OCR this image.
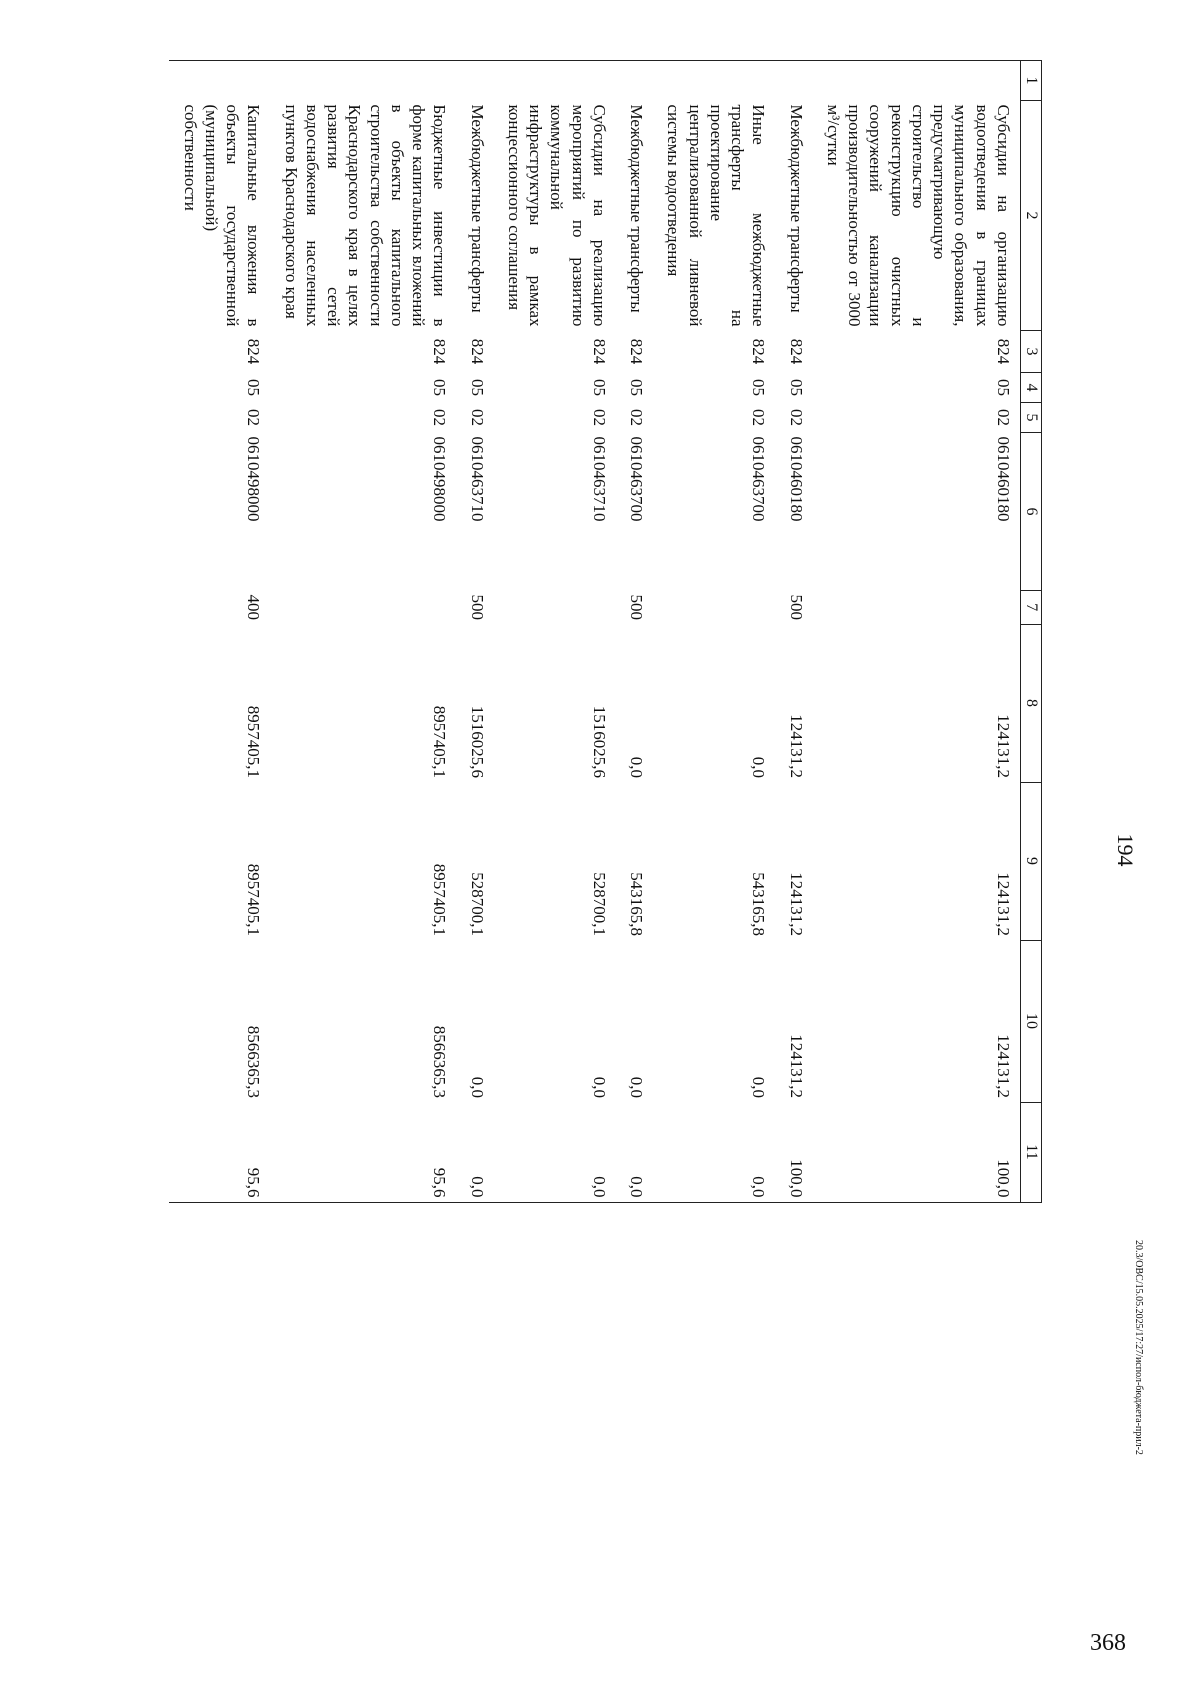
194
1	2	3	4	5	6	7	8	9	10	11
	Субсидии на организацию водоотведения в границах муниципального образования, предусматривающую строительство и реконструкцию очистных сооружений канализации производительностью от 3000 м³/сутки	824	05	02	0610460180		124131,2	124131,2	124131,2	100,0
	Межбюджетные трансферты	824	05	02	0610460180	500	124131,2	124131,2	124131,2	100,0
	Иные межбюджетные трансферты на проектирование централизованной ливневой системы водоотведения	824	05	02	0610463700		0,0	543165,8	0,0	0,0
	Межбюджетные трансферты	824	05	02	0610463700	500	0,0	543165,8	0,0	0,0
	Субсидии на реализацию мероприятий по развитию коммунальной инфраструктуры в рамках концессионного соглашения	824	05	02	0610463710		1516025,6	528700,1	0,0	0,0
	Межбюджетные трансферты	824	05	02	0610463710	500	1516025,6	528700,1	0,0	0,0
	Бюджетные инвестиции в форме капитальных вложений в объекты капитального строительства собственности Краснодарского края в целях развития сетей водоснабжения населенных пунктов Краснодарского края	824	05	02	0610498000		8957405,1	8957405,1	8566365,3	95,6
	Капитальные вложения в объекты государственной (муниципальной) собственности	824	05	02	0610498000	400	8957405,1	8957405,1	8566365,3	95,6
20.3/ОВС/15.05.2025/17:27/испол-бюджета-прил-2
368
